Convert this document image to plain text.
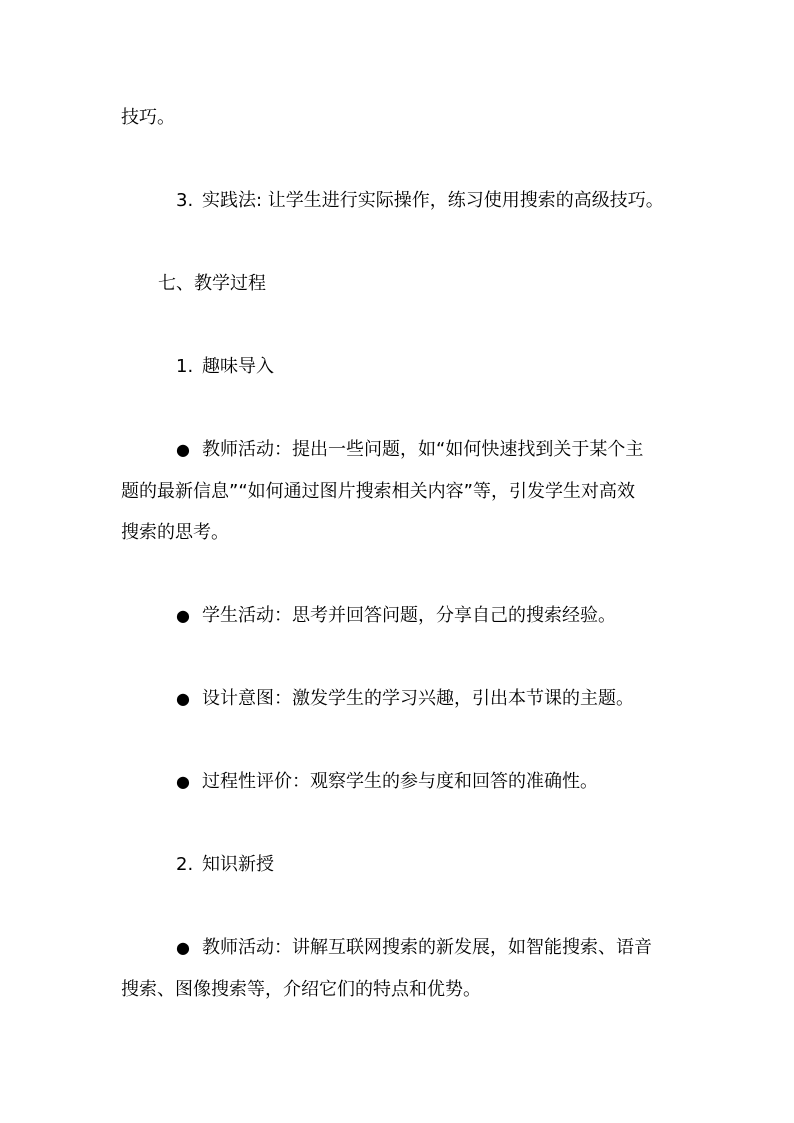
技巧。
3. 实践法: 让学生进行实际操作，练习使用搜索的高级技巧。
七、教学过程
1. 趣味导入
● 教师活动：提出一些问题，如“如何快速找到关于某个主
题的最新信息”“如何通过图片搜索相关内容”等，引发学生对高效
搜索的思考。
● 学生活动：思考并回答问题，分享自己的搜索经验。
● 设计意图：激发学生的学习兴趣，引出本节课的主题。
● 过程性评价：观察学生的参与度和回答的准确性。
2. 知识新授
● 教师活动：讲解互联网搜索的新发展，如智能搜索、语音
搜索、图像搜索等，介绍它们的特点和优势。
